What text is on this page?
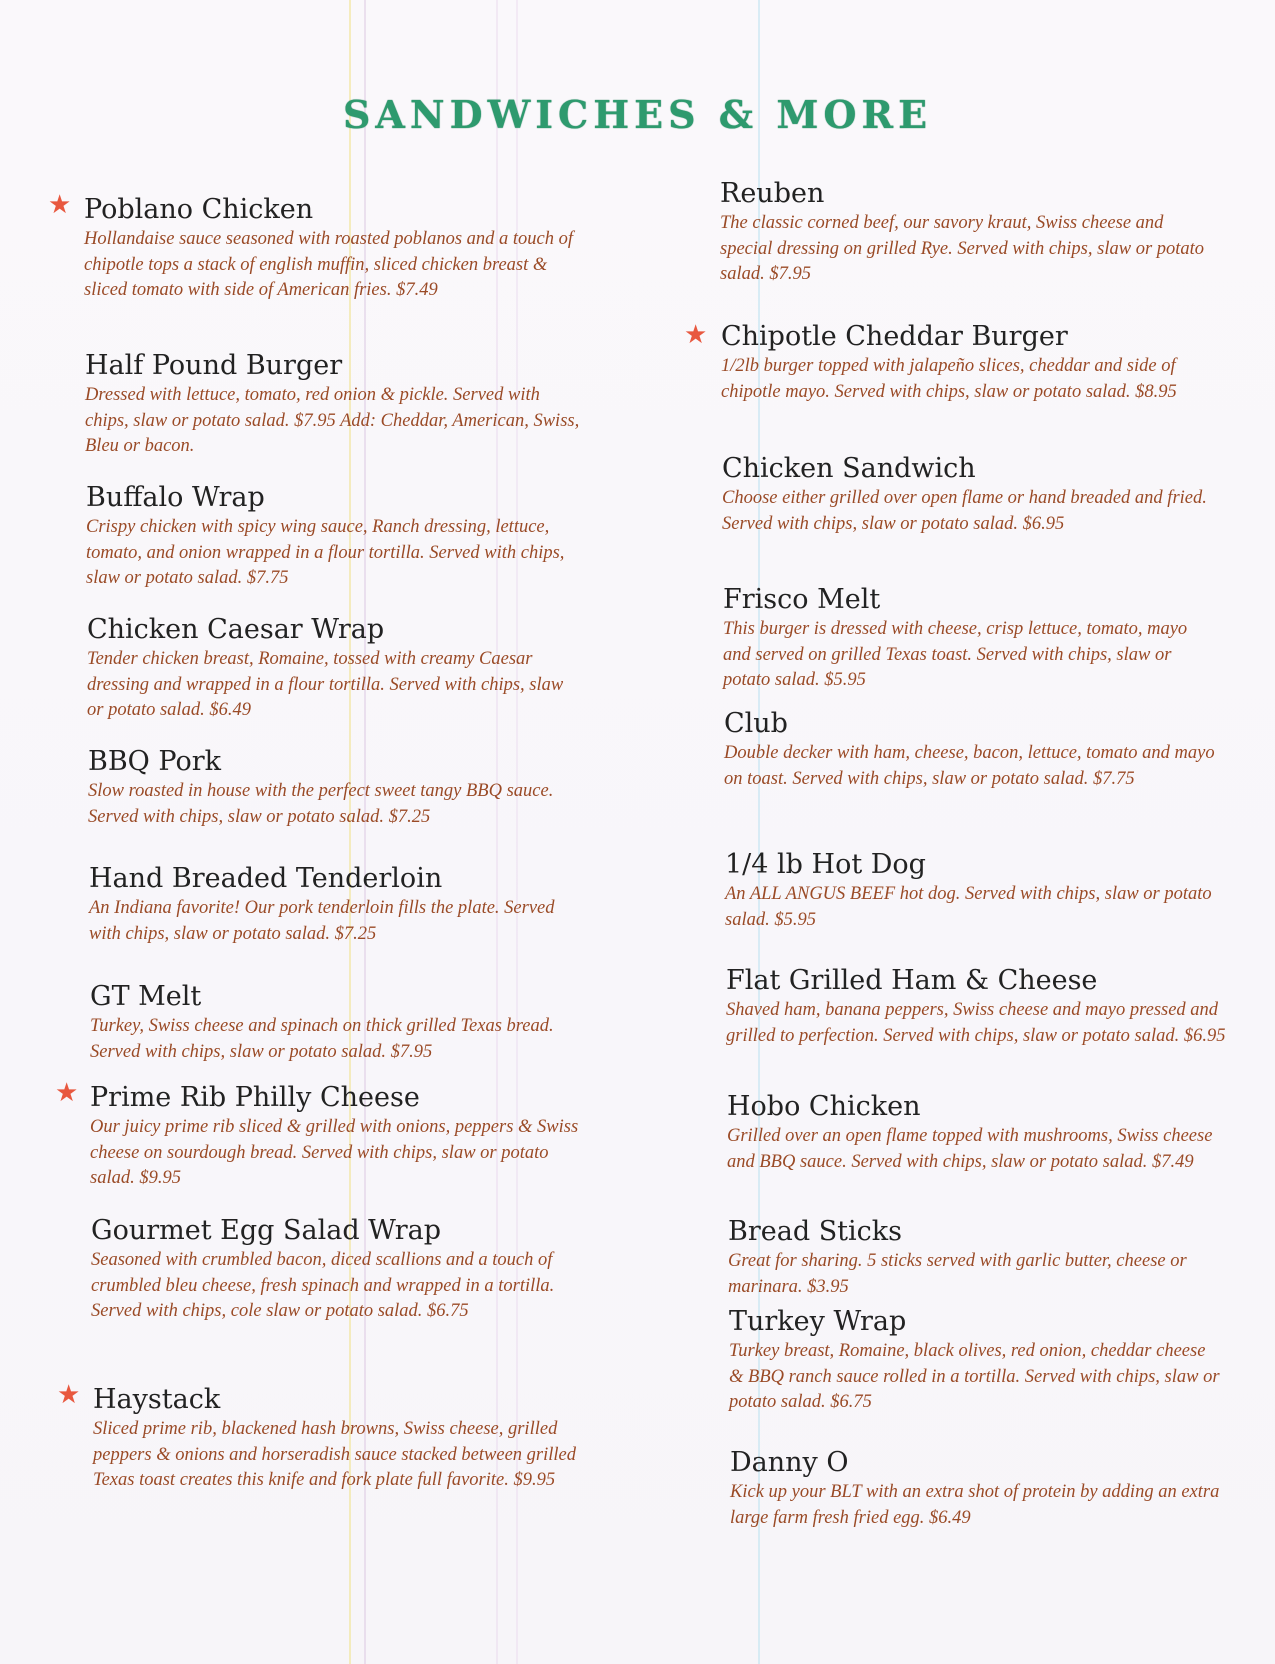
SANDWICHES & MORE
★ Poblano Chicken
Hollandaise sauce seasoned with roasted poblanos and a touch of chipotle tops a stack of english muffin, sliced chicken breast & sliced tomato with side of American fries. $7.49
Half Pound Burger
Dressed with lettuce, tomato, red onion & pickle. Served with chips, slaw or potato salad. $7.95 Add: Cheddar, American, Swiss, Bleu or bacon.
Buffalo Wrap
Crispy chicken with spicy wing sauce, Ranch dressing, lettuce, tomato, and onion wrapped in a flour tortilla. Served with chips, slaw or potato salad. $7.75
Chicken Caesar Wrap
Tender chicken breast, Romaine, tossed with creamy Caesar dressing and wrapped in a flour tortilla. Served with chips, slaw or potato salad. $6.49
BBQ Pork
Slow roasted in house with the perfect sweet tangy BBQ sauce. Served with chips, slaw or potato salad. $7.25
Hand Breaded Tenderloin
An Indiana favorite! Our pork tenderloin fills the plate. Served with chips, slaw or potato salad. $7.25
GT Melt
Turkey, Swiss cheese and spinach on thick grilled Texas bread. Served with chips, slaw or potato salad. $7.95
★ Prime Rib Philly Cheese
Our juicy prime rib sliced & grilled with onions, peppers & Swiss cheese on sourdough bread. Served with chips, slaw or potato salad. $9.95
Gourmet Egg Salad Wrap
Seasoned with crumbled bacon, diced scallions and a touch of crumbled bleu cheese, fresh spinach and wrapped in a tortilla. Served with chips, cole slaw or potato salad. $6.75
★ Haystack
Sliced prime rib, blackened hash browns, Swiss cheese, grilled peppers & onions and horseradish sauce stacked between grilled Texas toast creates this knife and fork plate full favorite. $9.95
Reuben
The classic corned beef, our savory kraut, Swiss cheese and special dressing on grilled Rye. Served with chips, slaw or potato salad. $7.95
★ Chipotle Cheddar Burger
1/2lb burger topped with jalapeño slices, cheddar and side of chipotle mayo. Served with chips, slaw or potato salad. $8.95
Chicken Sandwich
Choose either grilled over open flame or hand breaded and fried. Served with chips, slaw or potato salad. $6.95
Frisco Melt
This burger is dressed with cheese, crisp lettuce, tomato, mayo and served on grilled Texas toast. Served with chips, slaw or potato salad. $5.95
Club
Double decker with ham, cheese, bacon, lettuce, tomato and mayo on toast. Served with chips, slaw or potato salad. $7.75
1/4 lb Hot Dog
An ALL ANGUS BEEF hot dog. Served with chips, slaw or potato salad. $5.95
Flat Grilled Ham & Cheese
Shaved ham, banana peppers, Swiss cheese and mayo pressed and grilled to perfection. Served with chips, slaw or potato salad. $6.95
Hobo Chicken
Grilled over an open flame topped with mushrooms, Swiss cheese and BBQ sauce. Served with chips, slaw or potato salad. $7.49
Bread Sticks
Great for sharing. 5 sticks served with garlic butter, cheese or marinara. $3.95
Turkey Wrap
Turkey breast, Romaine, black olives, red onion, cheddar cheese & BBQ ranch sauce rolled in a tortilla. Served with chips, slaw or potato salad. $6.75
Danny O
Kick up your BLT with an extra shot of protein by adding an extra large farm fresh fried egg. $6.49
